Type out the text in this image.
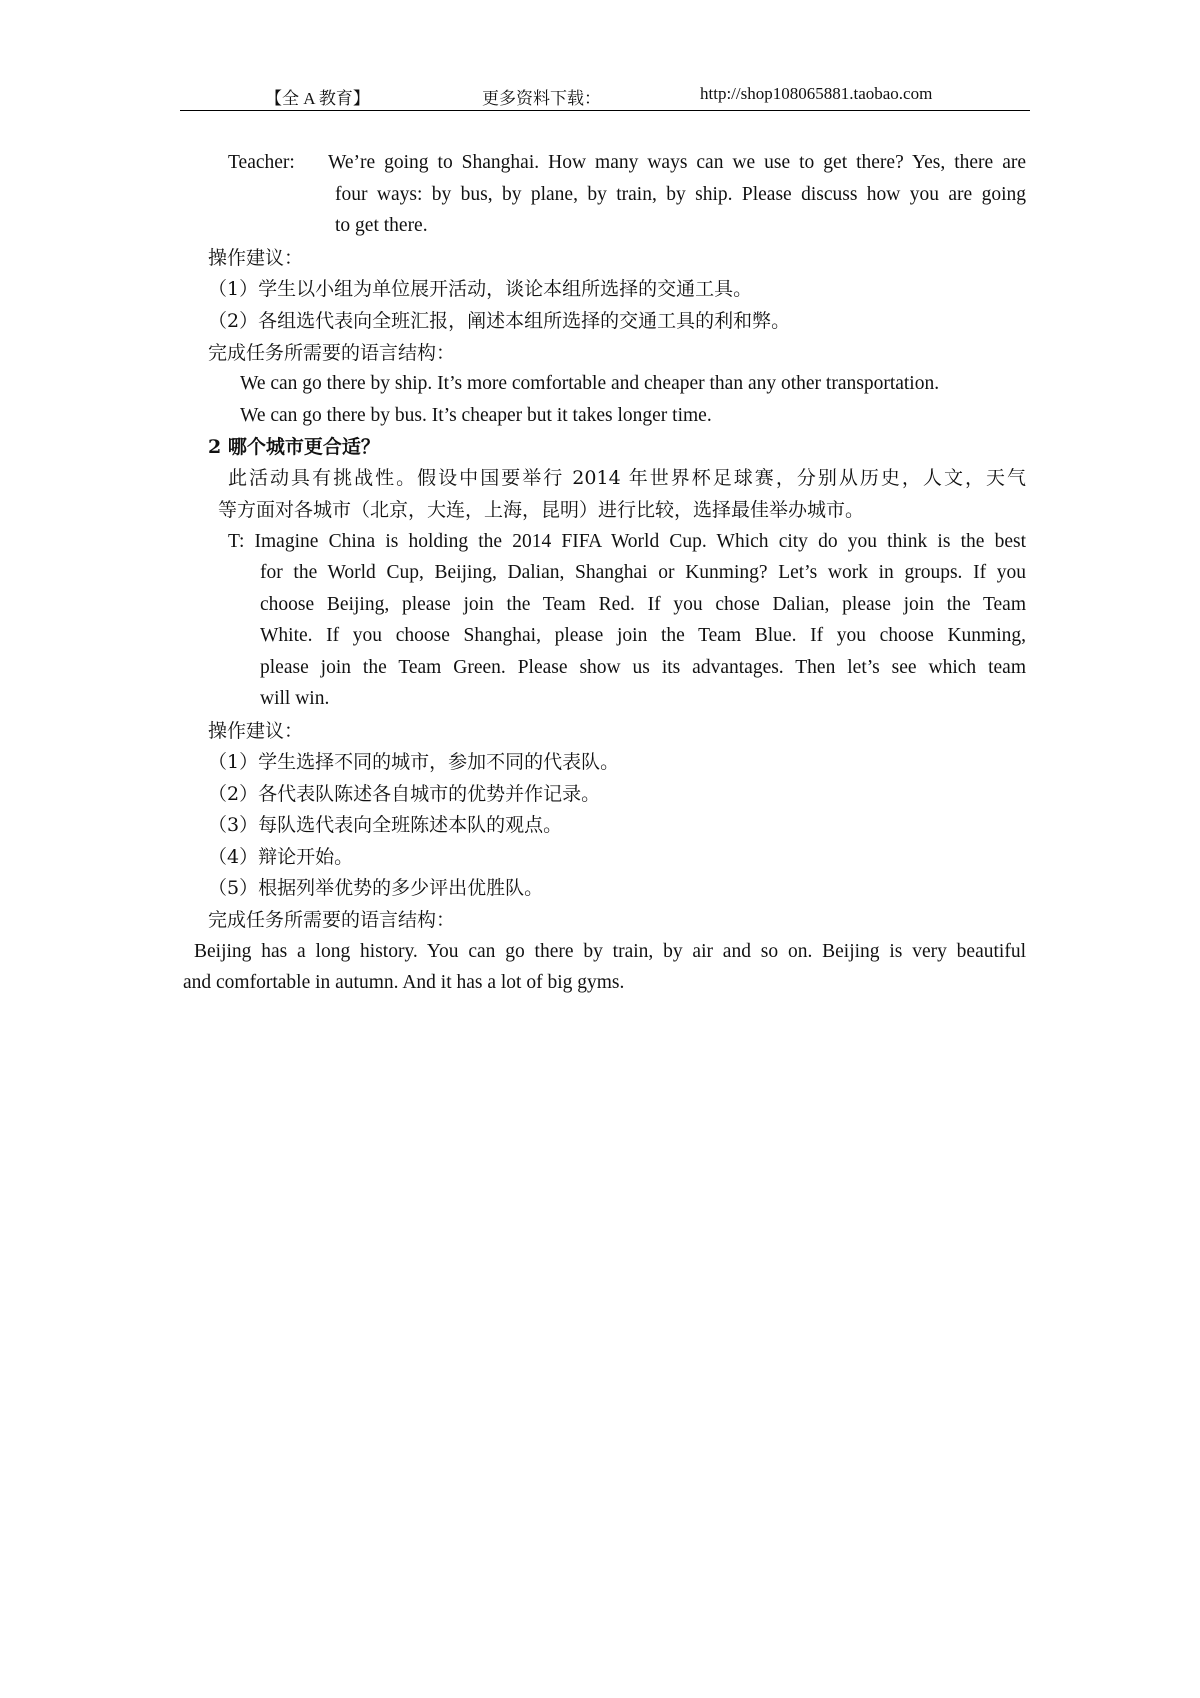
【全 A 教育】	更多资料下载：	http://shop108065881.taobao.com
Teacher: We’re going to Shanghai. How many ways can we use to get there? Yes, there are
four ways: by bus, by plane, by train, by ship. Please discuss how you are going
to get there.
操作建议：
（1）学生以小组为单位展开活动，谈论本组所选择的交通工具。
（2）各组选代表向全班汇报，阐述本组所选择的交通工具的利和弊。
完成任务所需要的语言结构：
We can go there by ship. It’s more comfortable and cheaper than any other transportation.
We can go there by bus. It’s cheaper but it takes longer time.
2 哪个城市更合适？
此活动具有挑战性。假设中国要举行 2014 年世界杯足球赛，分别从历史，人文，天气
等方面对各城市（北京，大连，上海，昆明）进行比较，选择最佳举办城市。
T: Imagine China is holding the 2014 FIFA World Cup. Which city do you think is the best
for the World Cup, Beijing, Dalian, Shanghai or Kunming? Let’s work in groups. If you
choose Beijing, please join the Team Red. If you chose Dalian, please join the Team
White. If you choose Shanghai, please join the Team Blue. If you choose Kunming,
please join the Team Green. Please show us its advantages. Then let’s see which team
will win.
操作建议：
（1）学生选择不同的城市，参加不同的代表队。
（2）各代表队陈述各自城市的优势并作记录。
（3）每队选代表向全班陈述本队的观点。
（4）辩论开始。
（5）根据列举优势的多少评出优胜队。
完成任务所需要的语言结构：
Beijing has a long history. You can go there by train, by air and so on. Beijing is very beautiful
and comfortable in autumn. And it has a lot of big gyms.
